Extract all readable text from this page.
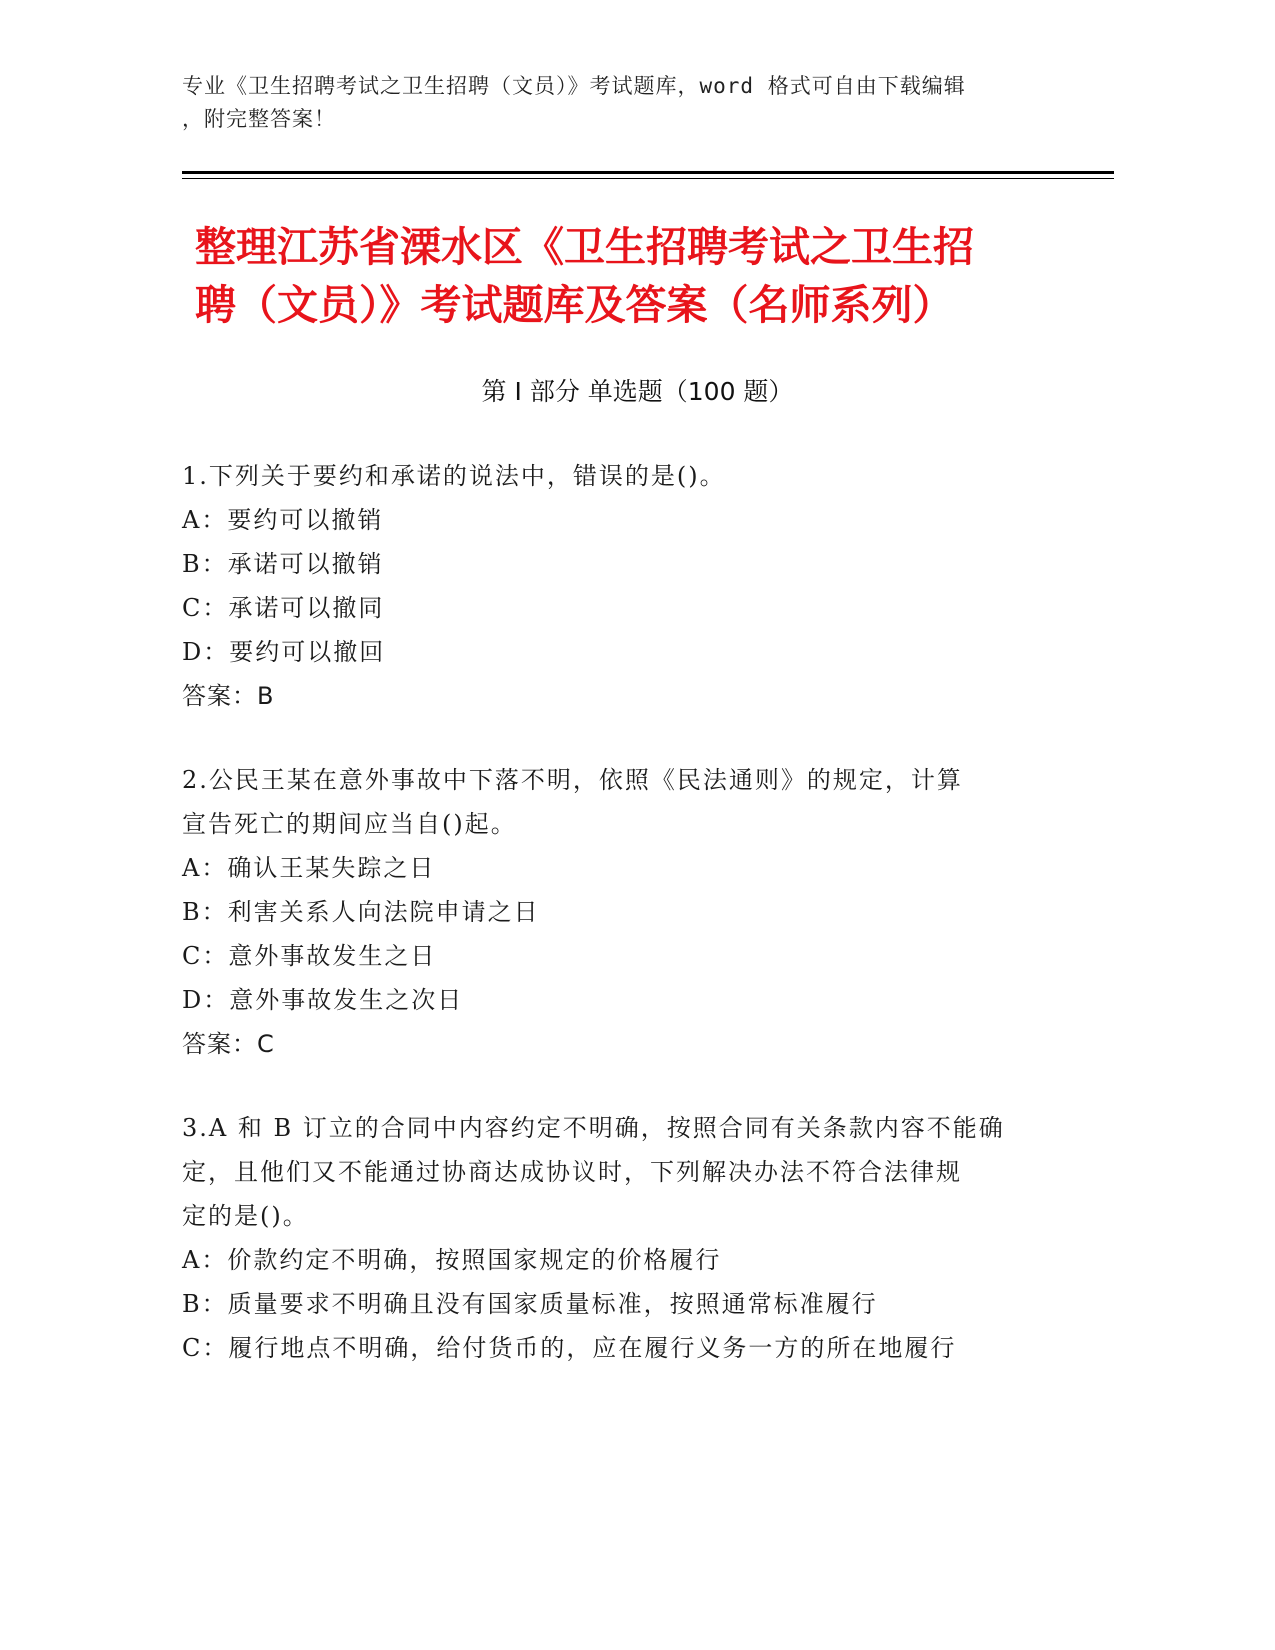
专业《卫生招聘考试之卫生招聘（文员）》考试题库，word 格式可自由下载编辑
，附完整答案！
整理江苏省溧水区《卫生招聘考试之卫生招
聘（文员）》考试题库及答案（名师系列）
第 I 部分 单选题（100 题）
1.下列关于要约和承诺的说法中，错误的是()。
A：要约可以撤销
B：承诺可以撤销
C：承诺可以撤同
D：要约可以撤回
答案：B
2.公民王某在意外事故中下落不明，依照《民法通则》的规定，计算
宣告死亡的期间应当自()起。
A：确认王某失踪之日
B：利害关系人向法院申请之日
C：意外事故发生之日
D：意外事故发生之次日
答案：C
3.A 和 B 订立的合同中内容约定不明确，按照合同有关条款内容不能确
定，且他们又不能通过协商达成协议时，下列解决办法不符合法律规
定的是()。
A：价款约定不明确，按照国家规定的价格履行
B：质量要求不明确且没有国家质量标准，按照通常标准履行
C：履行地点不明确，给付货币的，应在履行义务一方的所在地履行
